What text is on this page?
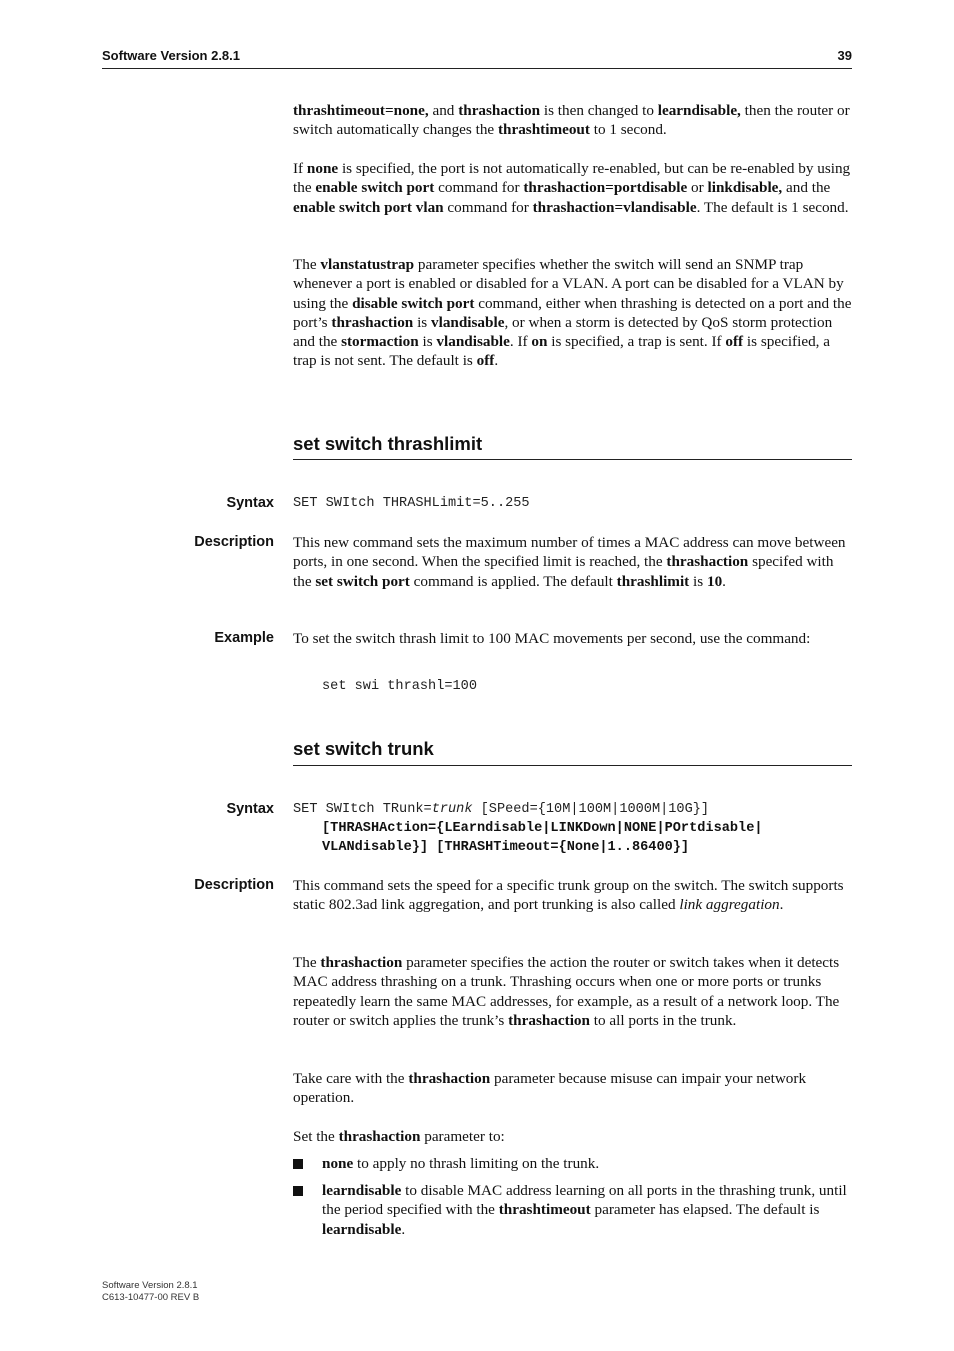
Software Version 2.8.1	39

thrashtimeout=none, and thrashaction is then changed to learndisable, then the router or switch automatically changes the thrashtimeout to 1 second.

If none is specified, the port is not automatically re-enabled, but can be re-enabled by using the enable switch port command for thrashaction=portdisable or linkdisable, and the enable switch port vlan command for thrashaction=vlandisable. The default is 1 second.

The vlanstatustrap parameter specifies whether the switch will send an SNMP trap whenever a port is enabled or disabled for a VLAN. A port can be disabled for a VLAN by using the disable switch port command, either when thrashing is detected on a port and the port’s thrashaction is vlandisable, or when a storm is detected by QoS storm protection and the stormaction is vlandisable. If on is specified, a trap is sent. If off is specified, a trap is not sent. The default is off.

set switch thrashlimit
Syntax SET SWItch THRASHLimit=5..255
Description This new command sets the maximum number of times a MAC address can move between ports, in one second. When the specified limit is reached, the thrashaction specifed with the set switch port command is applied. The default thrashlimit is 10.

Example To set the switch thrash limit to 100 MAC movements per second, use the command:

set swi thrashl=100
set switch trunk
Syntax SET SWItch TRunk=trunk [SPeed={10M|100M|1000M|10G}]
[THRASHAction={LEarndisable|LINKDown|NONE|POrtdisable|
VLANdisable}] [THRASHTimeout={None|1..86400}]
Description This command sets the speed for a specific trunk group on the switch. The switch supports static 802.3ad link aggregation, and port trunking is also called link aggregation.

The thrashaction parameter specifies the action the router or switch takes when it detects MAC address thrashing on a trunk. Thrashing occurs when one or more ports or trunks repeatedly learn the same MAC addresses, for example, as a result of a network loop. The router or switch applies the trunk’s thrashaction to all ports in the trunk.

Take care with the thrashaction parameter because misuse can impair your network operation.

Set the thrashaction parameter to:

none to apply no thrash limiting on the trunk.
learndisable to disable MAC address learning on all ports in the thrashing trunk, until the period specified with the thrashtimeout parameter has elapsed. The default is learndisable.
Software Version 2.8.1
C613-10477-00 REV B
